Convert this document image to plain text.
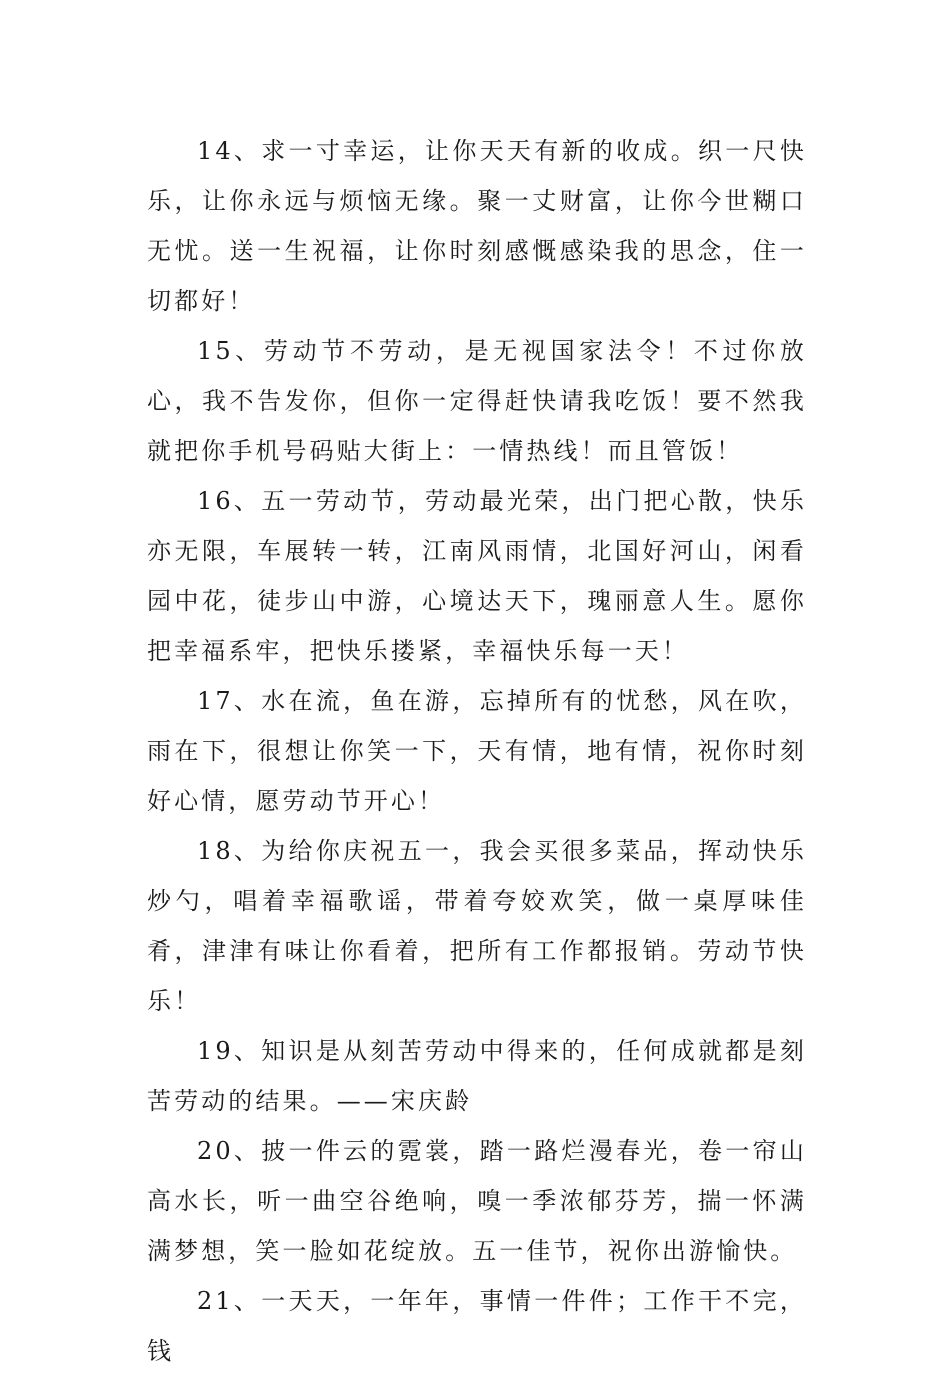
14、求一寸幸运，让你天天有新的收成。织一尺快乐，让你永远与烦恼无缘。聚一丈财富，让你今世糊口无忧。送一生祝福，让你时刻感慨感染我的思念，住一切都好！

15、劳动节不劳动，是无视国家法令！不过你放心，我不告发你，但你一定得赶快请我吃饭！要不然我就把你手机号码贴大街上：一情热线！而且管饭！

16、五一劳动节，劳动最光荣，出门把心散，快乐亦无限，车展转一转，江南风雨情，北国好河山，闲看园中花，徒步山中游，心境达天下，瑰丽意人生。愿你把幸福系牢，把快乐搂紧，幸福快乐每一天！

17、水在流，鱼在游，忘掉所有的忧愁，风在吹，雨在下，很想让你笑一下，天有情，地有情，祝你时刻好心情，愿劳动节开心！

18、为给你庆祝五一，我会买很多菜品，挥动快乐炒勺，唱着幸福歌谣，带着夸姣欢笑，做一桌厚味佳肴，津津有味让你看着，把所有工作都报销。劳动节快乐！

19、知识是从刻苦劳动中得来的，任何成就都是刻苦劳动的结果。——宋庆龄

20、披一件云的霓裳，踏一路烂漫春光，卷一帘山高水长，听一曲空谷绝响，嗅一季浓郁芬芳，揣一怀满满梦想，笑一脸如花绽放。五一佳节，祝你出游愉快。

21、一天天，一年年，事情一件件；工作干不完，钱
